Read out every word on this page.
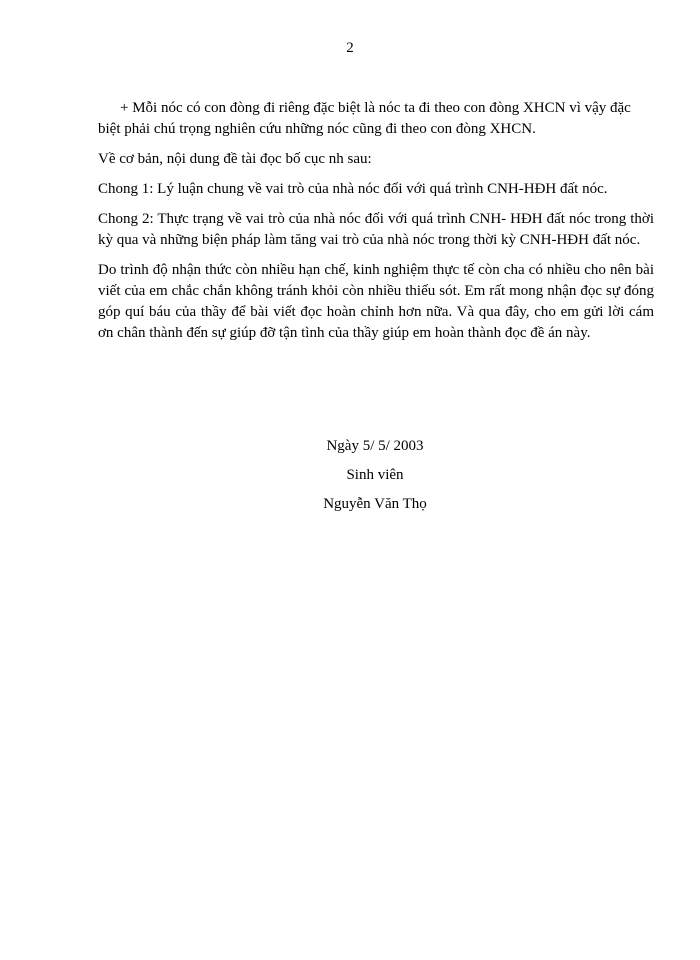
2

+ Mỗi nóc có con đòng đi riêng đặc biệt là nóc ta đi theo con đòng XHCN vì vậy đặc biệt phải chú trọng nghiên cứu những nóc cũng đi theo con đòng XHCN.

Về cơ bản, nội dung đề tài đọc bố cục nh sau:

Chong 1: Lý luận chung về vai trò của nhà nóc đối với quá trình CNH-HĐH đất nóc.

Chong 2: Thực trạng về vai trò của nhà nóc đối với quá trình CNH- HĐH đất nóc trong thời kỳ qua và những biện pháp làm tăng vai trò của nhà nóc trong thời kỳ CNH-HĐH đất nóc.

Do trình độ nhận thức còn nhiều hạn chế, kinh nghiệm thực tế còn cha có nhiều cho nên bài viết của em chắc chắn không tránh khỏi còn nhiều thiếu sót. Em rất mong nhận đọc sự đóng góp quí báu của thầy để bài viết đọc hoàn chỉnh hơn nữa. Và qua đây, cho em gửi lời cám ơn chân thành đến sự giúp đỡ tận tình của thầy giúp em hoàn thành đọc đề án này.

Ngày 5/ 5/ 2003
Sinh viên
Nguyễn Văn Thọ
